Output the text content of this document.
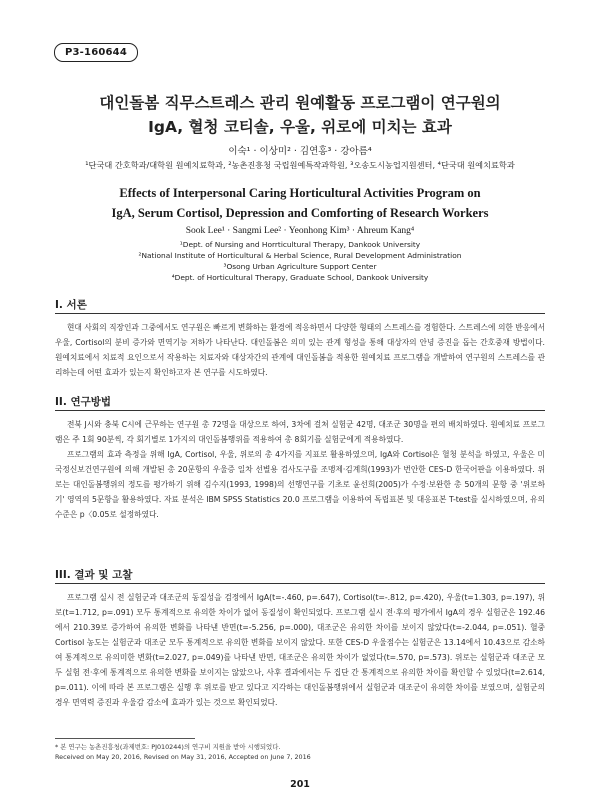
P3-160644
대인돌봄 직무스트레스 관리 원예활동 프로그램이 연구원의
IgA, 혈청 코티솔, 우울, 위로에 미치는 효과
이숙¹ · 이상미² · 김연홍³ · 강아름⁴
¹단국대 간호학과/대학원 원예치료학과, ²농촌진흥청 국립원예특작과학원, ³오송도시농업지원센터, ⁴단국대 원예치료학과
Effects of Interpersonal Caring Horticultural Activities Program on
IgA, Serum Cortisol, Depression and Comforting of Research Workers
Sook Lee¹ · Sangmi Lee² · Yeonhong Kim³ · Ahreum Kang⁴
¹Dept. of Nursing and Horrticultural Therapy, Dankook University
²National Institute of Horticultural & Herbal Science, Rural Development Administration
³Osong Urban Agriculture Support Center
⁴Dept. of Horticultural Therapy, Graduate School, Dankook University
I. 서론
현대 사회의 직장인과 그중에서도 연구원은 빠르게 변화하는 환경에 적응하면서 다양한 형태의 스트레스를 경험한다. 스트레스에 의한 반응에서 우울, Cortisol의 분비 증가와 면역기능 저하가 나타난다. 대인돌봄은 의미 있는 관계 형성을 통해 대상자의 안녕 증진을 돕는 간호중재 방법이다. 원예치료에서 치료적 요인으로서 작용하는 치료자와 대상자간의 관계에 대인돌봄을 적용한 원예치료 프로그램을 개발하여 연구원의 스트레스를 관리하는데 어떤 효과가 있는지 확인하고자 본 연구를 시도하였다.
II. 연구방법
전북 J시와 충북 C시에 근무하는 연구원 총 72명을 대상으로 하여, 3차에 걸쳐 실험군 42명, 대조군 30명을 편의 배치하였다. 원예치료 프로그램은 주 1회 90분씩, 각 회기별로 1가지의 대인돌봄행위를 적용하여 총 8회기를 실험군에게 적용하였다.
프로그램의 효과 측정을 위해 IgA, Cortisol, 우울, 위로의 총 4가지를 지표로 활용하였으며, IgA와 Cortisol은 혈청 분석을 하였고, 우울은 미국정신보건연구원에 의해 개발된 총 20문항의 우울증 일차 선별용 검사도구를 조맹제·김계희(1993)가 번안한 CES-D 한국어판을 이용하였다. 위로는 대인돌봄행위의 정도를 평가하기 위해 김수지(1993, 1998)의 선행연구를 기초로 윤선희(2005)가 수정·보완한 총 50개의 문항 중 '위로하기' 영역의 5문항을 활용하였다. 자료 분석은 IBM SPSS Statistics 20.0 프로그램을 이용하여 독립표본 및 대응표본 T-test를 실시하였으며, 유의수준은 p〈0.05로 설정하였다.
III. 결과 및 고찰
프로그램 실시 전 실험군과 대조군의 동질성을 검정에서 IgA(t=-.460, p=.647), Cortisol(t=-.812, p=.420), 우울(t=1.303, p=.197), 위로(t=1.712, p=.091) 모두 통계적으로 유의한 차이가 없어 동질성이 확인되었다. 프로그램 실시 전·후의 평가에서 IgA의 경우 실험군은 192.46에서 210.39로 증가하여 유의한 변화를 나타낸 반면(t=-5.256, p=.000), 대조군은 유의한 차이를 보이지 않았다(t=-2.044, p=.051). 혈중 Cortisol 농도는 실험군과 대조군 모두 통계적으로 유의한 변화를 보이지 않았다. 또한 CES-D 우울점수는 실험군은 13.14에서 10.43으로 감소하여 통계적으로 유의미한 변화(t=2.027, p=.049)를 나타낸 반면, 대조군은 유의한 차이가 없었다(t=.570, p=.573). 위로는 실험군과 대조군 모두 실험 전·후에 통계적으로 유의한 변화를 보이지는 않았으나, 사후 결과에서는 두 집단 간 통계적으로 유의한 차이를 확인할 수 있었다(t=2.614, p=.011). 이에 따라 본 프로그램은 실행 후 위로를 받고 있다고 지각하는 대인돌봄행위에서 실험군과 대조군이 유의한 차이를 보였으며, 실험군의 경우 면역력 증진과 우울감 감소에 효과가 있는 것으로 확인되었다.
* 본 연구는 농촌진흥청(과제번호: PJ010244)의 연구비 지원을 받아 시행되었다.
Received on May 20, 2016, Revised on May 31, 2016, Accepted on June 7, 2016
201
